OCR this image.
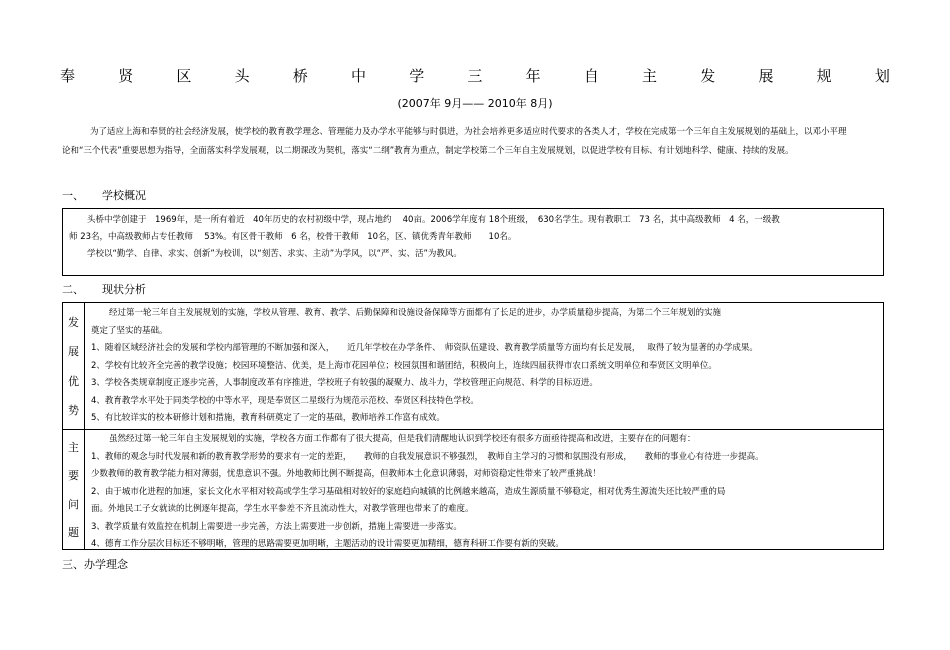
奉	贤	区	头	桥	中	学	三	年	自	主	发	展	规	划
(2007年 9月—— 2010年 8月)
为了适应上海和奉贤的社会经济发展，使学校的教育教学理念、管理能力及办学水平能够与时俱进，为社会培养更多适应时代要求的各类人才，学校在完成第一个三年自主发展规划的基础上，以邓小平理论和“三个代表”重要思想为指导，全面落实科学发展观，以二期课改为契机，落实“二纲”教育为重点，制定学校第二个三年自主发展规划，以促进学校有目标、有计划地科学、健康、持续的发展。
一、 学校概况

头桥中学创建于　1969年，是一所有着近　40年历史的农村初级中学，现占地约　 40亩。2006学年度有 18个班级，　630名学生。现有教职工　73 名，其中高级教师　4 名，一级教

师 23名，中高级教师占专任教师　 53%。有区骨干教师　6 名，校骨干教师　10名，区、镇优秀青年教师　　10名。

学校以“勤学、自律、求实、创新”为校训，以“刻苦、求实、主动”为学风，以“严、实、活”为教风。

二、 现状分析
发
展
优
势

经过第一轮三年自主发展规划的实施，学校从管理、教育、教学、后勤保障和设施设备保障等方面都有了长足的进步，办学质量稳步提高，为第二个三年规划的实施

奠定了坚实的基础。

1、随着区域经济社会的发展和学校内部管理的不断加强和深入，　　近几年学校在办学条件、　师资队伍建设、教育教学质量等方面均有长足发展，　 取得了较为显著的办学成果。

2、学校有比较齐全完善的教学设施；校园环境整洁、优美，是上海市花园单位；校园氛围和谐团结，积极向上，连续四届获得市农口系统文明单位和奉贤区文明单位。

3、学校各类规章制度正逐步完善，人事制度改革有序推进，学校班子有较强的凝聚力、战斗力，学校管理正向规范、科学的目标迈进。

4、教育教学水平处于同类学校的中等水平，现是奉贤区二星级行为规范示范校、奉贤区科技特色学校。

5、有比较详实的校本研修计划和措施，教育科研奠定了一定的基础，教师培养工作富有成效。

主
要
问
题

虽然经过第一轮三年自主发展规划的实施，学校各方面工作都有了很大提高，但是我们清醒地认识到学校还有很多方面亟待提高和改进，主要存在的问题有：

1、教师的观念与时代发展和新的教育教学形势的要求有一定的差距，　　教师的自我发展意识不够强烈，　教师自主学习的习惯和氛围没有形成，　　教师的事业心有待进一步提高。

少数教师的教育教学能力相对薄弱，忧患意识不强。外地教师比例不断提高，但教师本土化意识薄弱，对师资稳定性带来了较严重挑战！

2、由于城市化进程的加速，家长文化水平相对较高或学生学习基础相对较好的家庭趋向城镇的比例越来越高，造成生源质量不够稳定，相对优秀生源流失还比较严重的局

面。外地民工子女就读的比例逐年提高，学生水平参差不齐且流动性大，对教学管理也带来了的难度。

3、教学质量有效监控在机制上需要进一步完善，方法上需要进一步创新，措施上需要进一步落实。

4、德育工作分层次目标还不够明晰，管理的思路需要更加明晰，主题活动的设计需要更加精细，德育科研工作要有新的突破。

三、办学理念
